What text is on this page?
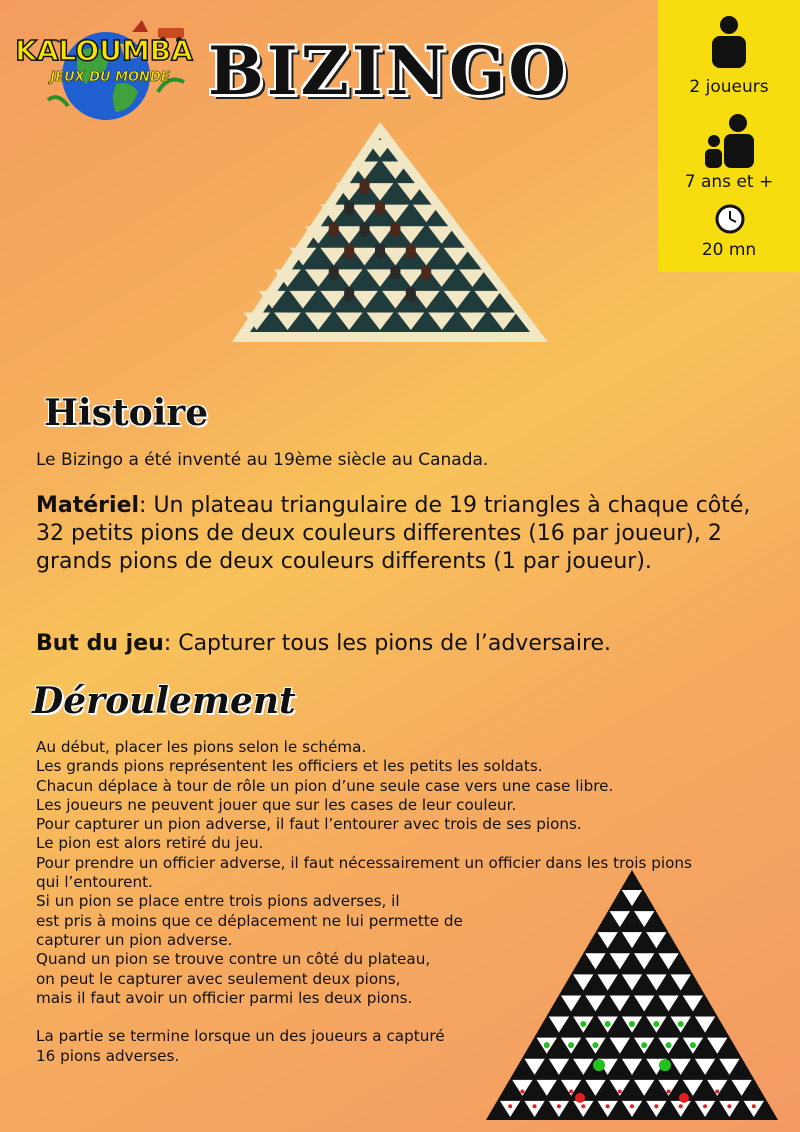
KALOUMBA
JEUX DU MONDE BIZINGO	2 joueurs
7 ans et +
20 mn
Histoire
Le Bizingo a été inventé au 19ème siècle au Canada.
Matériel: Un plateau triangulaire de 19 triangles à chaque côté, 32 petits pions de deux couleurs differentes (16 par joueur), 2 grands pions de deux couleurs differents (1 par joueur).
But du jeu: Capturer tous les pions de l’adversaire.
Déroulement
Au début, placer les pions selon le schéma.
Les grands pions représentent les officiers et les petits les soldats.
Chacun déplace à tour de rôle un pion d’une seule case vers une case libre.
Les joueurs ne peuvent jouer que sur les cases de leur couleur.
Pour capturer un pion adverse, il faut l’entourer avec trois de ses pions.
Le pion est alors retiré du jeu.
Pour prendre un officier adverse, il faut nécessairement un officier dans les trois pions
qui l’entourent.
Si un pion se place entre trois pions adverses, il
est pris à moins que ce déplacement ne lui permette de
capturer un pion adverse.
Quand un pion se trouve contre un côté du plateau,
on peut le capturer avec seulement deux pions,
mais il faut avoir un officier parmi les deux pions.

La partie se termine lorsque un des joueurs a capturé
16 pions adverses.
